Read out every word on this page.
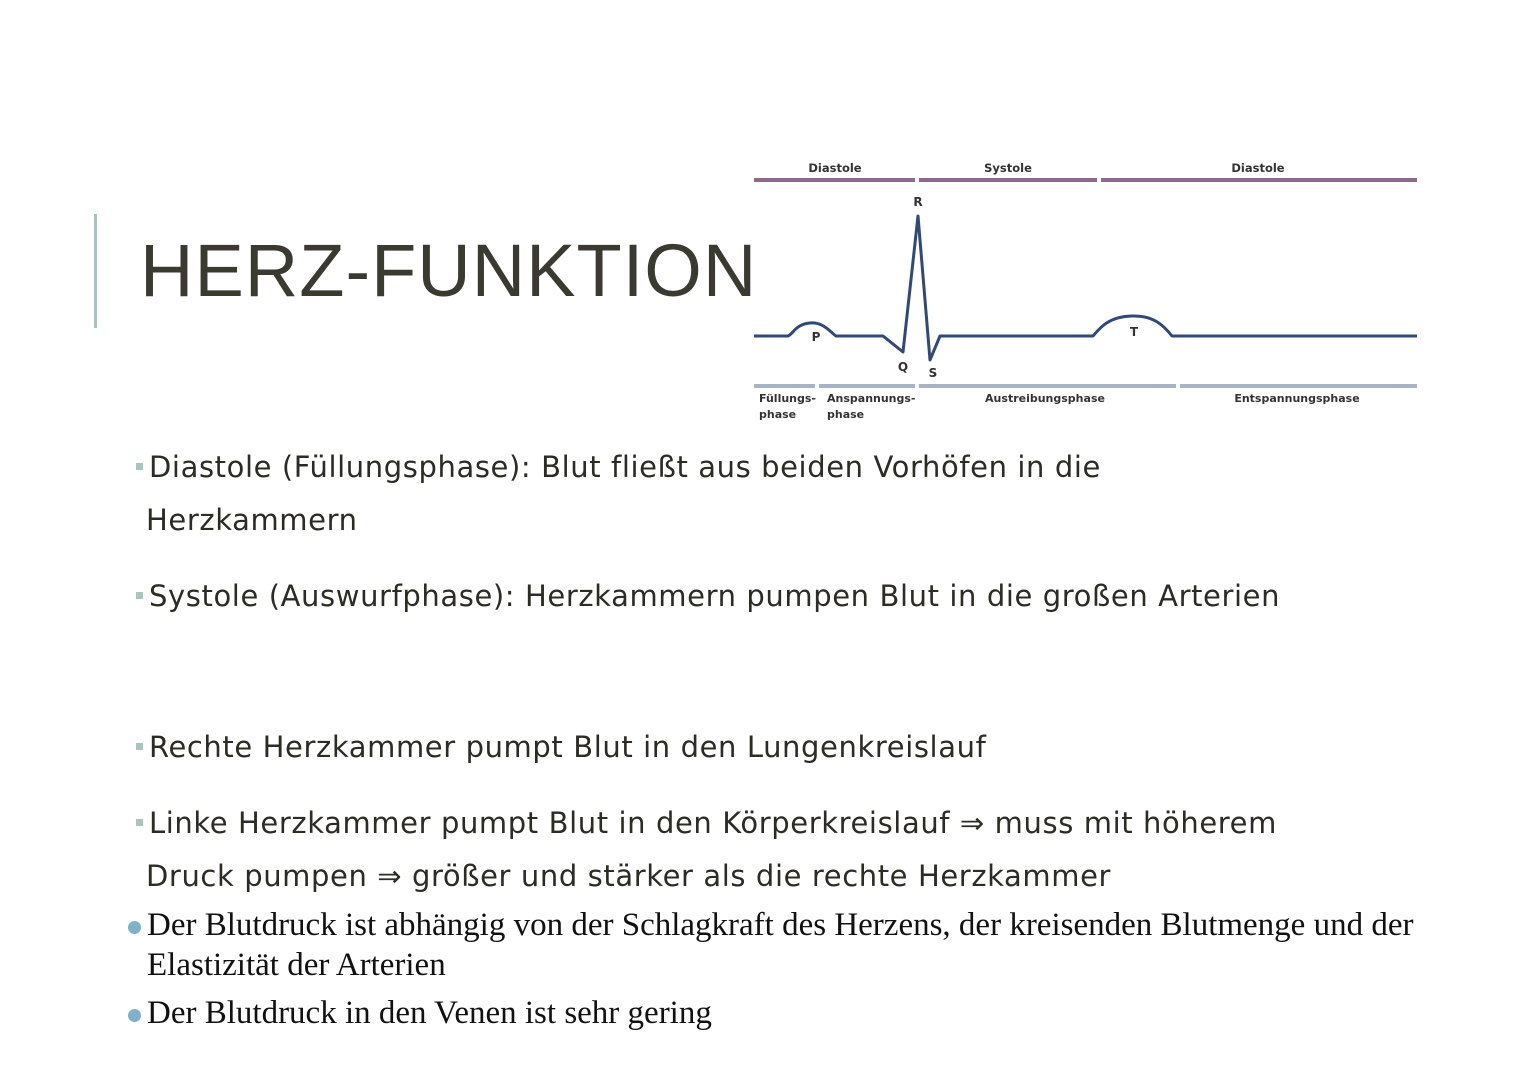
HERZ-FUNKTION
Diastole	Systole	Diastole
P
Q
R
S
T
Füllungs-
phase
Anspannungs-
phase
Austreibungsphase	Entspannungsphase
Diastole (Füllungsphase): Blut fließt aus beiden Vorhöfen in die
Herzkammern
Systole (Auswurfphase): Herzkammern pumpen Blut in die großen Arterien
Rechte Herzkammer pumpt Blut in den Lungenkreislauf
Linke Herzkammer pumpt Blut in den Körperkreislauf ⇒ muss mit höherem
Druck pumpen ⇒ größer und stärker als die rechte Herzkammer
Der Blutdruck ist abhängig von der Schlagkraft des Herzens, der kreisenden Blutmenge und der
Elastizität der Arterien
Der Blutdruck in den Venen ist sehr gering
